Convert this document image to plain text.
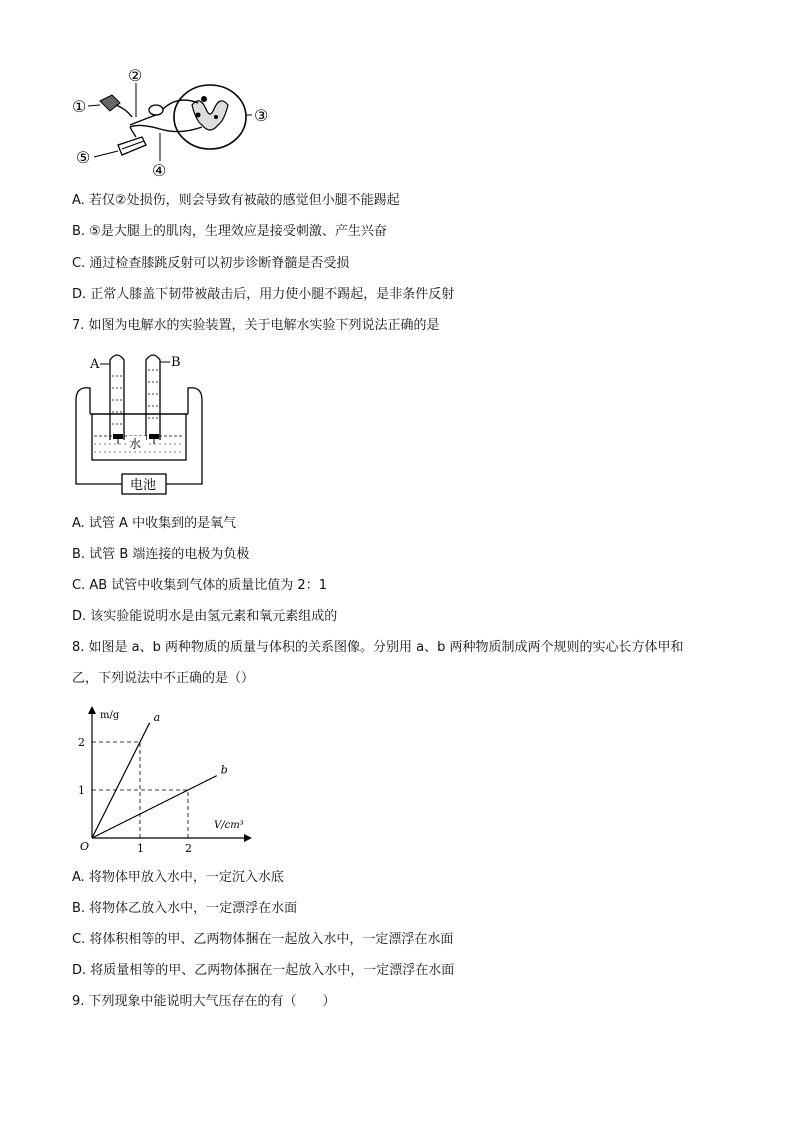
①
②
③
④
⑤
A. 若仅②处损伤，则会导致有被敲的感觉但小腿不能踢起
B. ⑤是大腿上的肌肉，生理效应是接受刺激、产生兴奋
C. 通过检查膝跳反射可以初步诊断脊髓是否受损
D. 正常人膝盖下韧带被敲击后，用力使小腿不踢起，是非条件反射
7. 如图为电解水的实验装置，关于电解水实验下列说法正确的是
电池
水
A	B
A. 试管 A 中收集到的是氧气
B. 试管 B 端连接的电极为负极
C. AB 试管中收集到气体的质量比值为 2：1
D. 该实验能说明水是由氢元素和氧元素组成的
8. 如图是 a、b 两种物质的质量与体积的关系图像。分别用 a、b 两种物质制成两个规则的实心长方体甲和
乙，下列说法中不正确的是（）
a
b
1	2
1
2
m/g
V/cm³
O
A. 将物体甲放入水中，一定沉入水底
B. 将物体乙放入水中，一定漂浮在水面
C. 将体积相等的甲、乙两物体捆在一起放入水中，一定漂浮在水面
D. 将质量相等的甲、乙两物体捆在一起放入水中，一定漂浮在水面
9. 下列现象中能说明大气压存在的有（　　）
